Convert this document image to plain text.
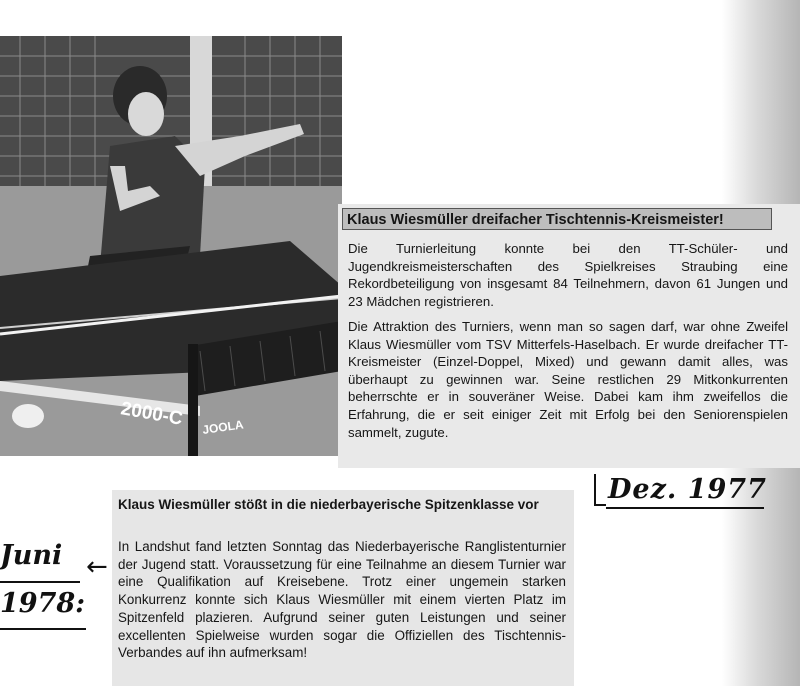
2000-C JOOLA
Klaus Wiesmüller dreifacher Tischtennis-Kreismeister!
Die Turnierleitung konnte bei den TT-Schüler- und Jugendkreismeisterschaften des Spielkreises Straubing eine Rekordbeteiligung von insgesamt 84 Teilnehmern, davon 61 Jungen und 23 Mädchen registrieren.
Die Attraktion des Turniers, wenn man so sagen darf, war ohne Zweifel Klaus Wiesmüller vom TSV Mitterfels-Haselbach. Er wurde dreifacher TT-Kreismeister (Einzel-Doppel, Mixed) und gewann damit alles, was überhaupt zu gewinnen war. Seine restlichen 29 Mitkonkurrenten beherrschte er in souveräner Weise. Dabei kam ihm zweifellos die Erfahrung, die er seit einiger Zeit mit Erfolg bei den Seniorenspielen sammelt, zugute.
Dez. 1977
Klaus Wiesmüller stößt in die niederbayerische Spitzenklasse vor
In Landshut fand letzten Sonntag das Niederbayerische Ranglistenturnier der Jugend statt. Voraussetzung für eine Teilnahme an diesem Turnier war eine Qualifikation auf Kreisebene. Trotz einer ungemein starken Konkurrenz konnte sich Klaus Wiesmüller mit einem vierten Platz im Spitzenfeld plazieren. Aufgrund seiner guten Leistungen und seiner excellenten Spielweise wurden sogar die Offiziellen des Tischtennis-Verbandes auf ihn aufmerksam!
Juni ←
1978:
